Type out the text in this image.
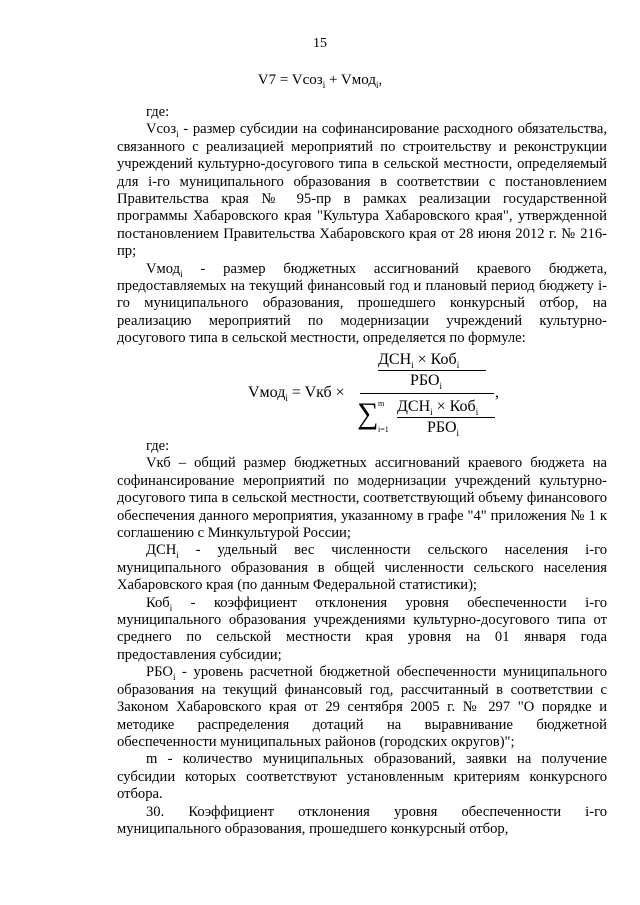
15
V7 = Vсоз$_i$ + Vмод$_i$,

где:

Vсоз$_i$ - размер субсидии на софинансирование расходного обязательства, связанного с реализацией мероприятий по строительству и реконструкции учреждений культурно-досугового типа в сельской местности, определяемый для i-го муниципального образования в соответствии с постановлением Правительства края № 95-пр в рамках реализации государственной программы Хабаровского края "Культура Хабаровского края", утвержденной постановлением Правительства Хабаровского края от 28 июня 2012 г. № 216-пр;

Vмод$_i$ - размер бюджетных ассигнований краевого бюджета, предоставляемых на текущий финансовый год и плановый период бюджету i-го муниципального образования, прошедшего конкурсный отбор, на реализацию мероприятий по модернизации учреждений культурно-досугового типа в сельской местности, определяется по формуле:

Vмод$_i$ = Vкб ×
$ДСН_i \times Коб_i$
$РБО_i$
∑ m
i=1
$ДСН_i \times Коб_i$
$РБО_i$
,

где:

Vкб – общий размер бюджетных ассигнований краевого бюджета на софинансирование мероприятий по модернизации учреждений культурно-досугового типа в сельской местности, соответствующий объему финансового обеспечения данного мероприятия, указанному в графе "4" приложения № 1 к соглашению с Минкультурой России;

$ДСН_i$ - удельный вес численности сельского населения i-го муниципального образования в общей численности сельского населения Хабаровского края (по данным Федеральной статистики);

Коб$_i$ - коэффициент отклонения уровня обеспеченности i-го муниципального образования учреждениями культурно-досугового типа от среднего по сельской местности края уровня на 01 января года предоставления субсидии;

$РБО_i$ - уровень расчетной бюджетной обеспеченности муниципального образования на текущий финансовый год, рассчитанный в соответствии с Законом Хабаровского края от 29 сентября 2005 г. № 297 "О порядке и методике распределения дотаций на выравнивание бюджетной обеспеченности муниципальных районов (городских округов)";

m - количество муниципальных образований, заявки на получение субсидии которых соответствуют установленным критериям конкурсного отбора.

30. Коэффициент отклонения уровня обеспеченности i-го муниципального образования, прошедшего конкурсный отбор,
